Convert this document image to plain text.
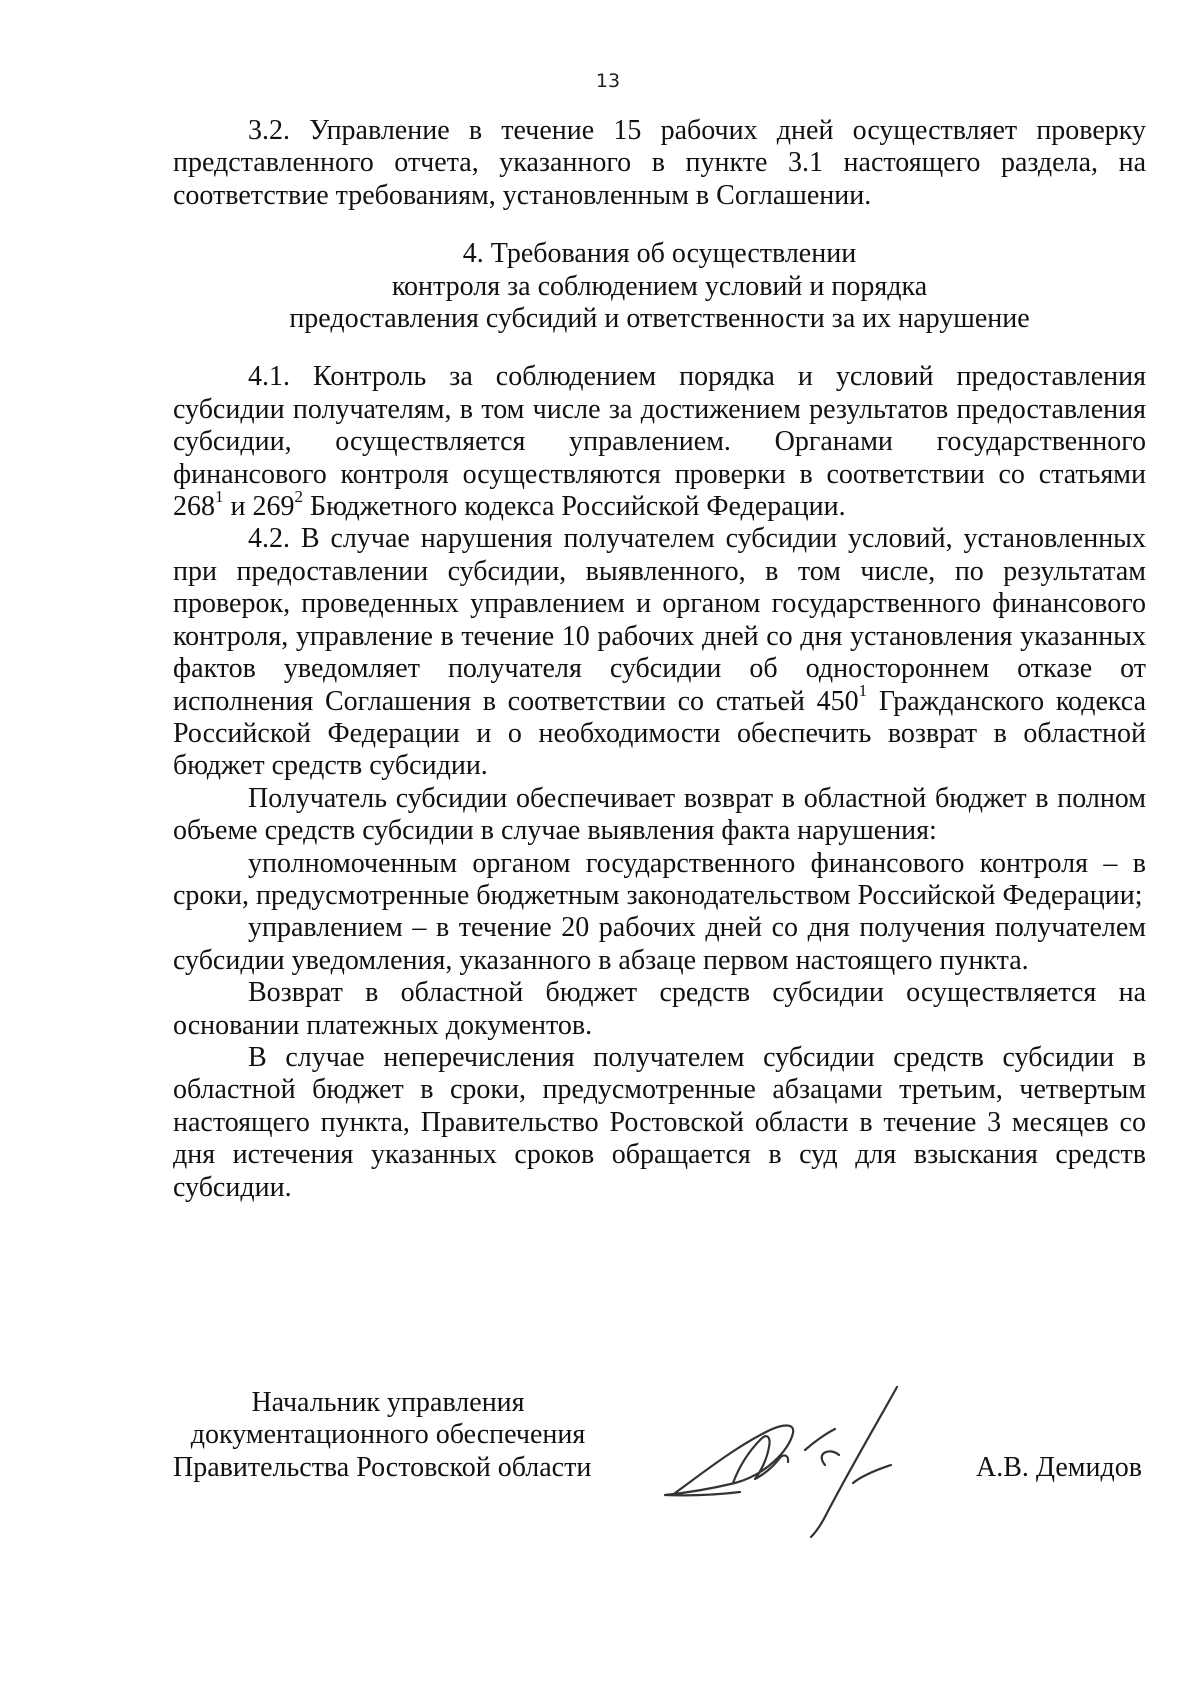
13

3.2. Управление в течение 15 рабочих дней осуществляет проверку представленного отчета, указанного в пункте 3.1 настоящего раздела, на соответствие требованиям, установленным в Соглашении.

4. Требования об осуществлении
контроля за соблюдением условий и порядка
предоставления субсидий и ответственности за их нарушение

4.1. Контроль за соблюдением порядка и условий предоставления субсидии получателям, в том числе за достижением результатов предоставления субсидии, осуществляется управлением. Органами государственного финансового контроля осуществляются проверки в соответствии со статьями $268^1$ и $269^2$ Бюджетного кодекса Российской Федерации.

4.2. В случае нарушения получателем субсидии условий, установленных при предоставлении субсидии, выявленного, в том числе, по результатам проверок, проведенных управлением и органом государственного финансового контроля, управление в течение 10 рабочих дней со дня установления указанных фактов уведомляет получателя субсидии об одностороннем отказе от исполнения Соглашения в соответствии со статьей $450^1$ Гражданского кодекса Российской Федерации и о необходимости обеспечить возврат в областной бюджет средств субсидии.

Получатель субсидии обеспечивает возврат в областной бюджет в полном объеме средств субсидии в случае выявления факта нарушения:

уполномоченным органом государственного финансового контроля – в сроки, предусмотренные бюджетным законодательством Российской Федерации;

управлением – в течение 20 рабочих дней со дня получения получателем субсидии уведомления, указанного в абзаце первом настоящего пункта.

Возврат в областной бюджет средств субсидии осуществляется на основании платежных документов.

В случае неперечисления получателем субсидии средств субсидии в областной бюджет в сроки, предусмотренные абзацами третьим, четвертым настоящего пункта, Правительство Ростовской области в течение 3 месяцев со дня истечения указанных сроков обращается в суд для взыскания средств субсидии.

Начальник управления
документационного обеспечения
Правительства Ростовской области	А.В. Демидов
